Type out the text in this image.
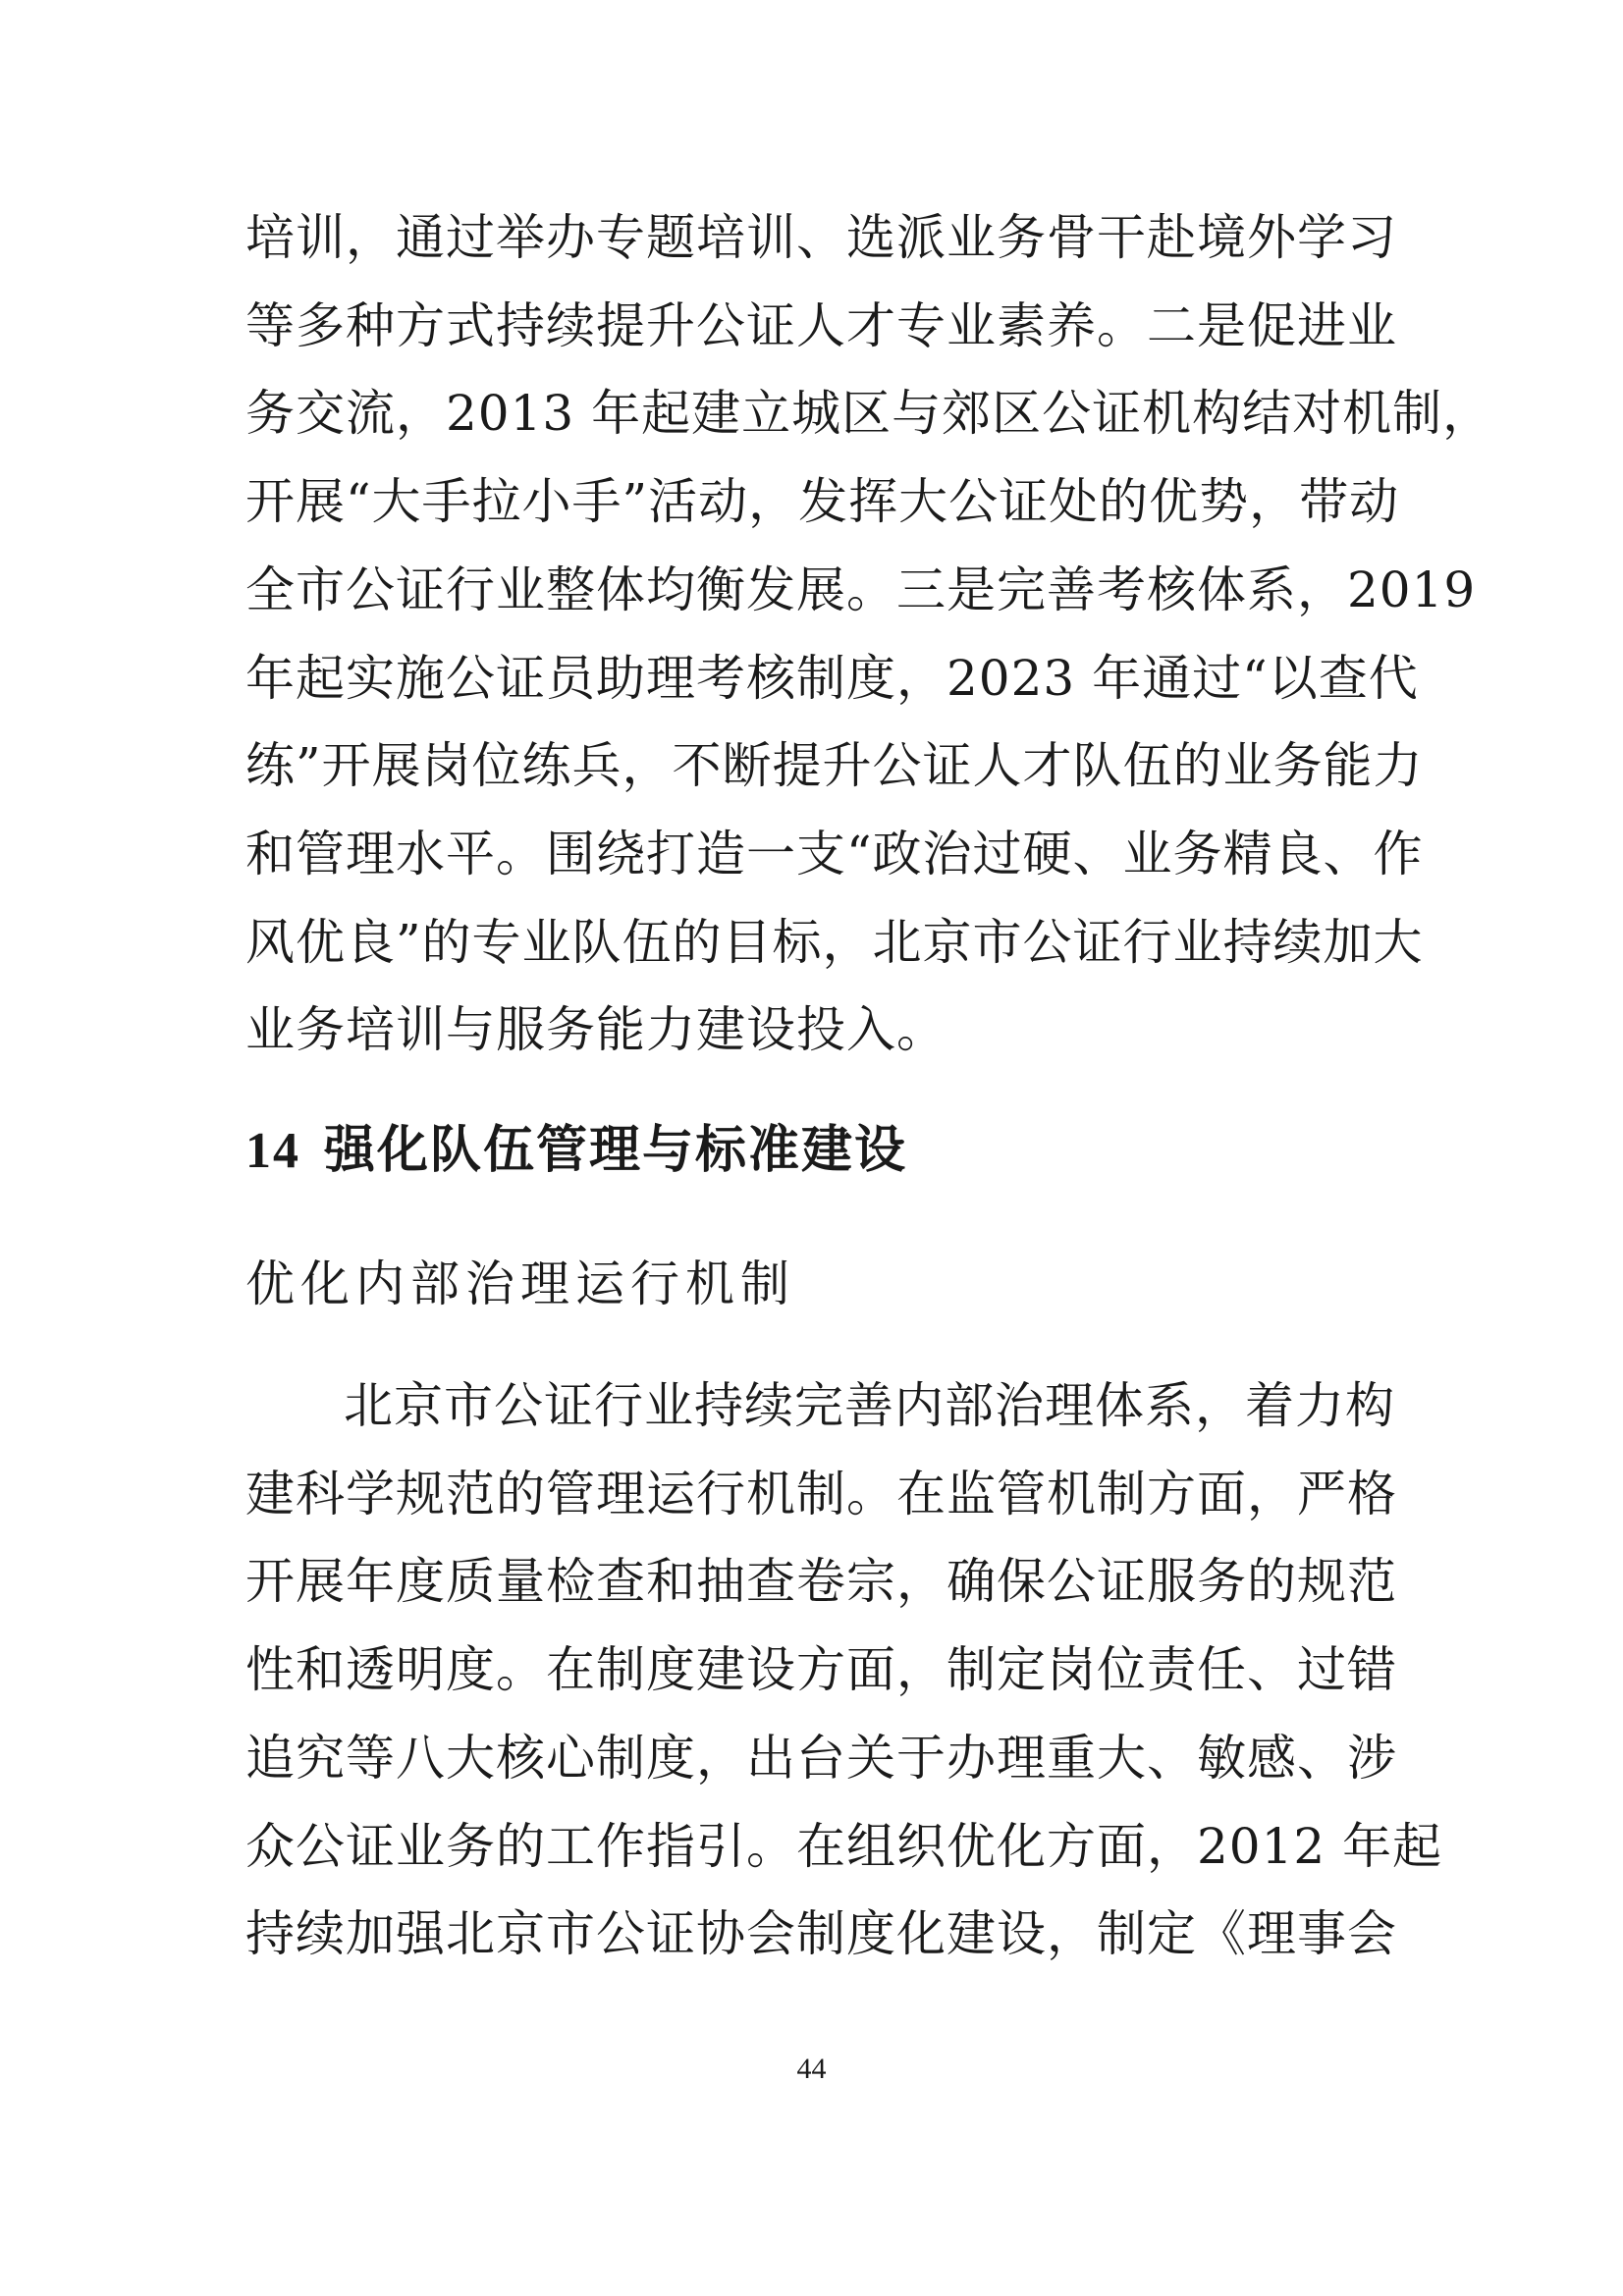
培训，通过举办专题培训、选派业务骨干赴境外学习
等多种方式持续提升公证人才专业素养。二是促进业
务交流，2013 年起建立城区与郊区公证机构结对机制，
开展“大手拉小手”活动，发挥大公证处的优势，带动
全市公证行业整体均衡发展。三是完善考核体系，2019
年起实施公证员助理考核制度，2023 年通过“以查代
练”开展岗位练兵，不断提升公证人才队伍的业务能力
和管理水平。围绕打造一支“政治过硬、业务精良、作
风优良”的专业队伍的目标，北京市公证行业持续加大
业务培训与服务能力建设投入。
14 强化队伍管理与标准建设
优化内部治理运行机制
北京市公证行业持续完善内部治理体系，着力构
建科学规范的管理运行机制。在监管机制方面，严格
开展年度质量检查和抽查卷宗，确保公证服务的规范
性和透明度。在制度建设方面，制定岗位责任、过错
追究等八大核心制度，出台关于办理重大、敏感、涉
众公证业务的工作指引。在组织优化方面，2012 年起
持续加强北京市公证协会制度化建设，制定《理事会
44
